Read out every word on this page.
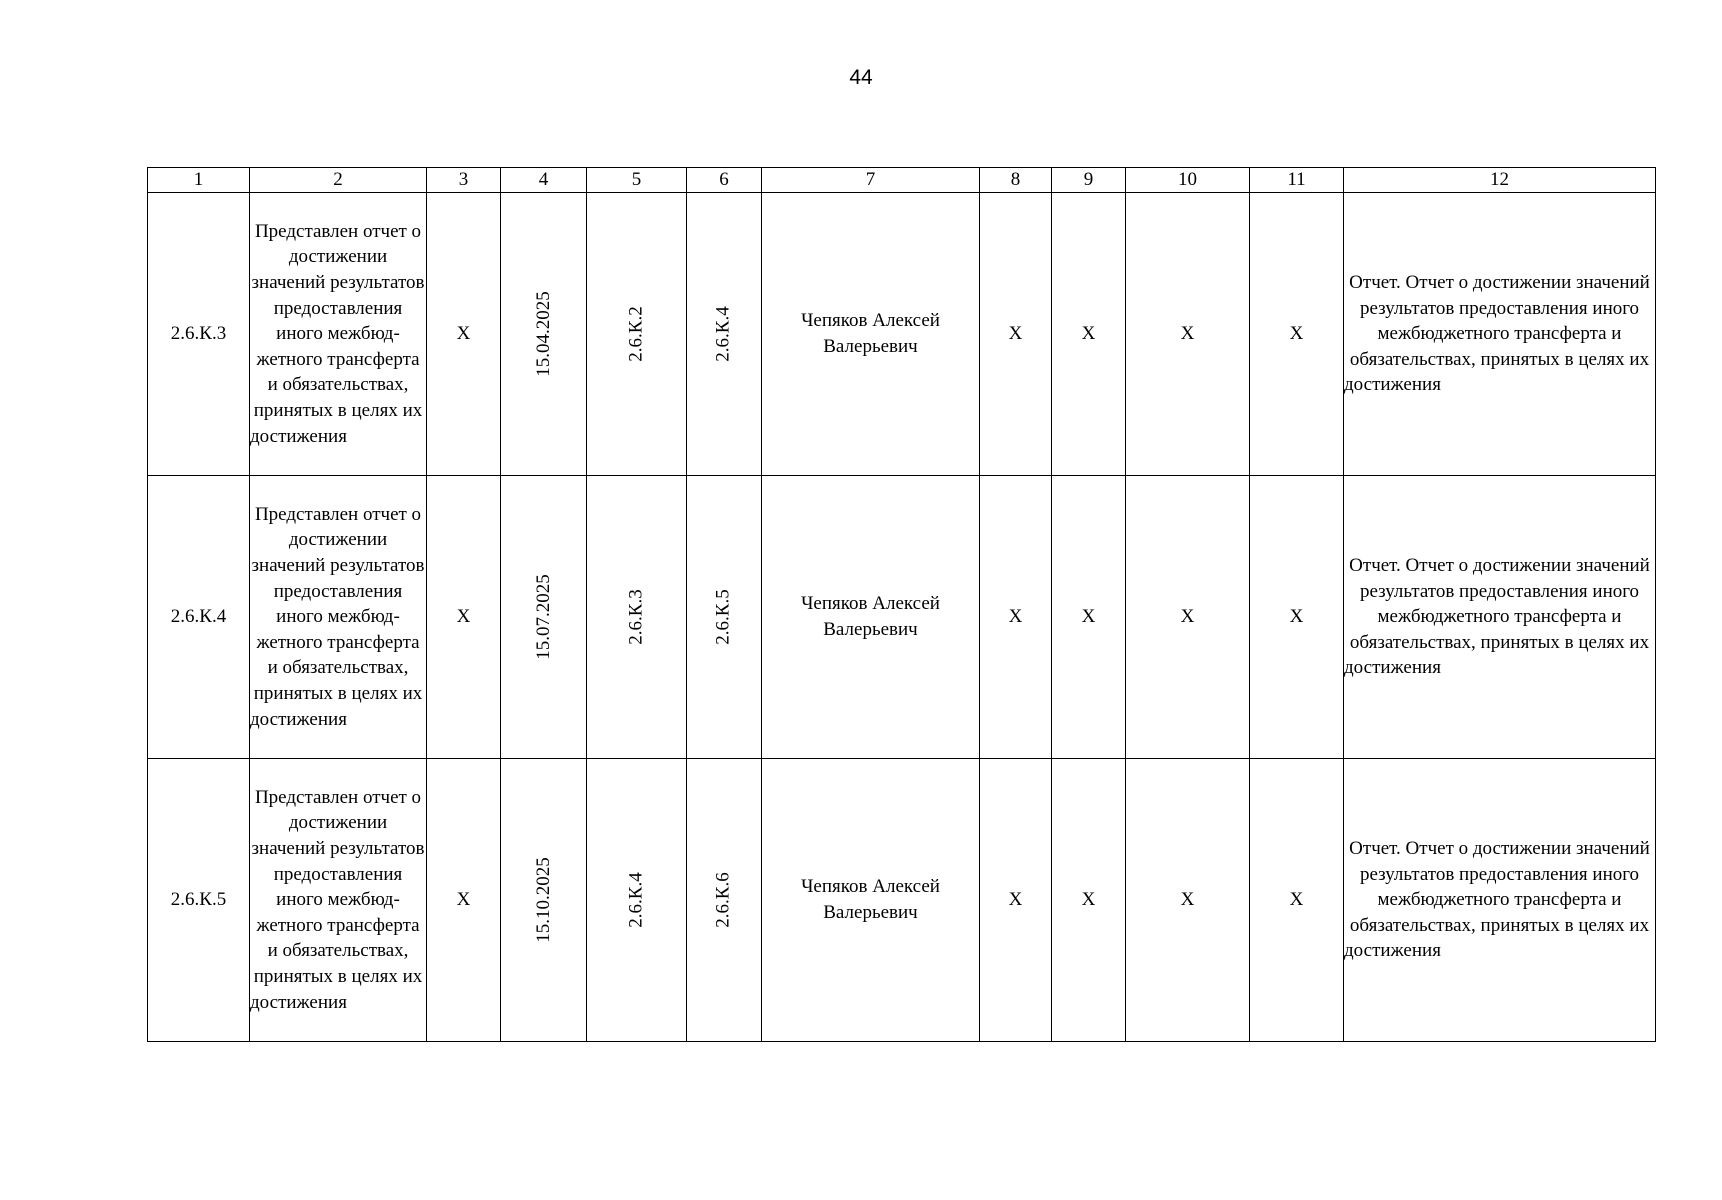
44
1	2	3	4	5	6	7	8	9	10	11	12
2.6.К.3	Представлен отчет о достижении значений результатов предоставления иного межбюджетного трансферта и обязательствах, принятых в целях их достижения	X	15.04.2025	2.6.К.2	2.6.К.4	Чепяков Алексей Валерьевич	X	X	X	X	Отчет. Отчет о достижении значений результатов предоставления иного межбюджетного трансферта и обязательствах, принятых в целях их достижения
2.6.К.4	Представлен отчет о достижении значений результатов предоставления иного межбюджетного трансферта и обязательствах, принятых в целях их достижения	X	15.07.2025	2.6.К.3	2.6.К.5	Чепяков Алексей Валерьевич	X	X	X	X	Отчет. Отчет о достижении значений результатов предоставления иного межбюджетного трансферта и обязательствах, принятых в целях их достижения
2.6.К.5	Представлен отчет о достижении значений результатов предоставления иного межбюджетного трансферта и обязательствах, принятых в целях их достижения	X	15.10.2025	2.6.К.4	2.6.К.6	Чепяков Алексей Валерьевич	X	X	X	X	Отчет. Отчет о достижении значений результатов предоставления иного межбюджетного трансферта и обязательствах, принятых в целях их достижения
